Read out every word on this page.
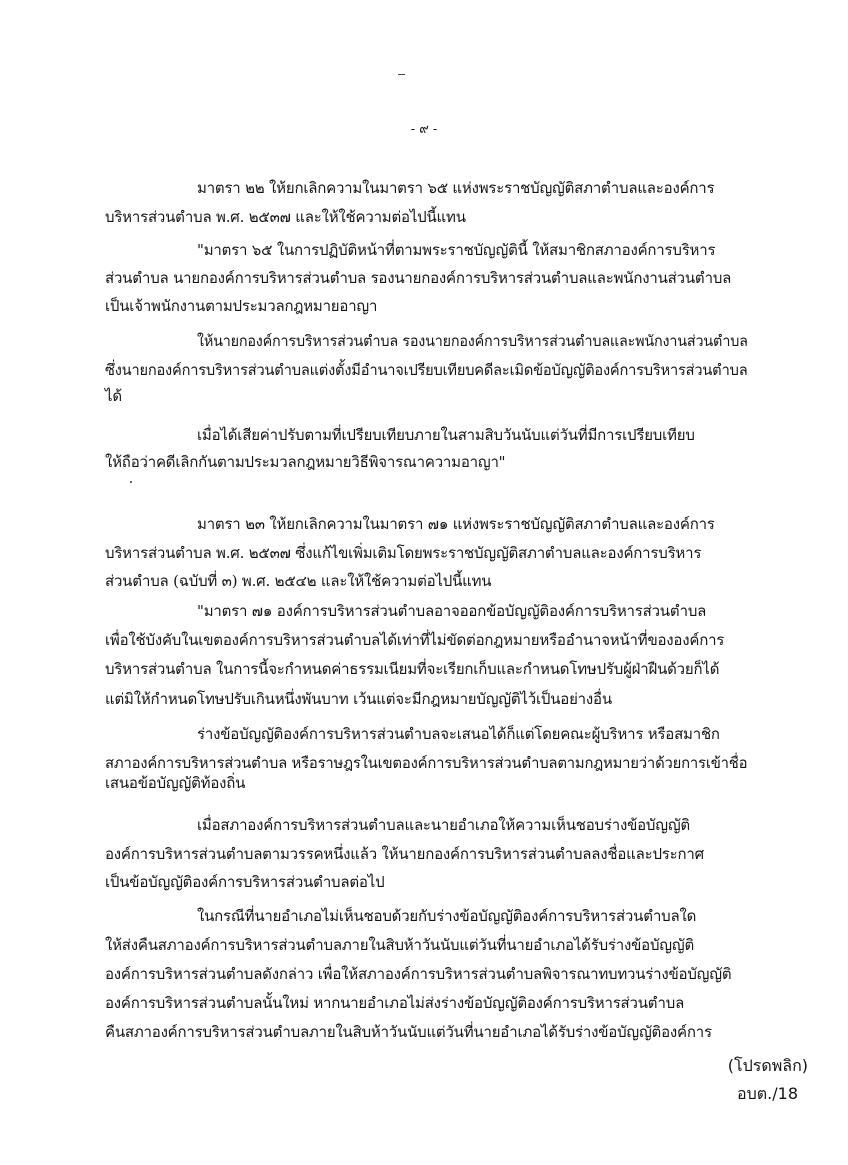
- ๙ -
มาตรา ๒๒ ให้ยกเลิกความในมาตรา ๖๕ แห่งพระราชบัญญัติสภาตำบลและองค์การ
บริหารส่วนตำบล พ.ศ. ๒๕๓๗ และให้ใช้ความต่อไปนี้แทน
"มาตรา ๖๕ ในการปฏิบัติหน้าที่ตามพระราชบัญญัตินี้ ให้สมาชิกสภาองค์การบริหาร
ส่วนตำบล นายกองค์การบริหารส่วนตำบล รองนายกองค์การบริหารส่วนตำบลและพนักงานส่วนตำบล
เป็นเจ้าพนักงานตามประมวลกฎหมายอาญา
ให้นายกองค์การบริหารส่วนตำบล รองนายกองค์การบริหารส่วนตำบลและพนักงานส่วนตำบล
ซึ่งนายกองค์การบริหารส่วนตำบลแต่งตั้งมีอำนาจเปรียบเทียบคดีละเมิดข้อบัญญัติองค์การบริหารส่วนตำบล
ได้
เมื่อได้เสียค่าปรับตามที่เปรียบเทียบภายในสามสิบวันนับแต่วันที่มีการเปรียบเทียบ
ให้ถือว่าคดีเลิกกันตามประมวลกฎหมายวิธีพิจารณาความอาญา"
มาตรา ๒๓ ให้ยกเลิกความในมาตรา ๗๑ แห่งพระราชบัญญัติสภาตำบลและองค์การ
บริหารส่วนตำบล พ.ศ. ๒๕๓๗ ซึ่งแก้ไขเพิ่มเติมโดยพระราชบัญญัติสภาตำบลและองค์การบริหาร
ส่วนตำบล (ฉบับที่ ๓) พ.ศ. ๒๕๔๒ และให้ใช้ความต่อไปนี้แทน
"มาตรา ๗๑ องค์การบริหารส่วนตำบลอาจออกข้อบัญญัติองค์การบริหารส่วนตำบล
เพื่อใช้บังคับในเขตองค์การบริหารส่วนตำบลได้เท่าที่ไม่ขัดต่อกฎหมายหรืออำนาจหน้าที่ขององค์การ
บริหารส่วนตำบล ในการนี้จะกำหนดค่าธรรมเนียมที่จะเรียกเก็บและกำหนดโทษปรับผู้ฝ่าฝืนด้วยก็ได้
แต่มิให้กำหนดโทษปรับเกินหนึ่งพันบาท เว้นแต่จะมีกฎหมายบัญญัติไว้เป็นอย่างอื่น
ร่างข้อบัญญัติองค์การบริหารส่วนตำบลจะเสนอได้ก็แต่โดยคณะผู้บริหาร หรือสมาชิก
สภาองค์การบริหารส่วนตำบล หรือราษฎรในเขตองค์การบริหารส่วนตำบลตามกฎหมายว่าด้วยการเข้าชื่อ
เสนอข้อบัญญัติท้องถิ่น
เมื่อสภาองค์การบริหารส่วนตำบลและนายอำเภอให้ความเห็นชอบร่างข้อบัญญัติ
องค์การบริหารส่วนตำบลตามวรรคหนึ่งแล้ว ให้นายกองค์การบริหารส่วนตำบลลงชื่อและประกาศ
เป็นข้อบัญญัติองค์การบริหารส่วนตำบลต่อไป
ในกรณีที่นายอำเภอไม่เห็นชอบด้วยกับร่างข้อบัญญัติองค์การบริหารส่วนตำบลใด
ให้ส่งคืนสภาองค์การบริหารส่วนตำบลภายในสิบห้าวันนับแต่วันที่นายอำเภอได้รับร่างข้อบัญญัติ
องค์การบริหารส่วนตำบลดังกล่าว เพื่อให้สภาองค์การบริหารส่วนตำบลพิจารณาทบทวนร่างข้อบัญญัติ
องค์การบริหารส่วนตำบลนั้นใหม่ หากนายอำเภอไม่ส่งร่างข้อบัญญัติองค์การบริหารส่วนตำบล
คืนสภาองค์การบริหารส่วนตำบลภายในสิบห้าวันนับแต่วันที่นายอำเภอได้รับร่างข้อบัญญัติองค์การ
(โปรดพลิก)
อบต./18
